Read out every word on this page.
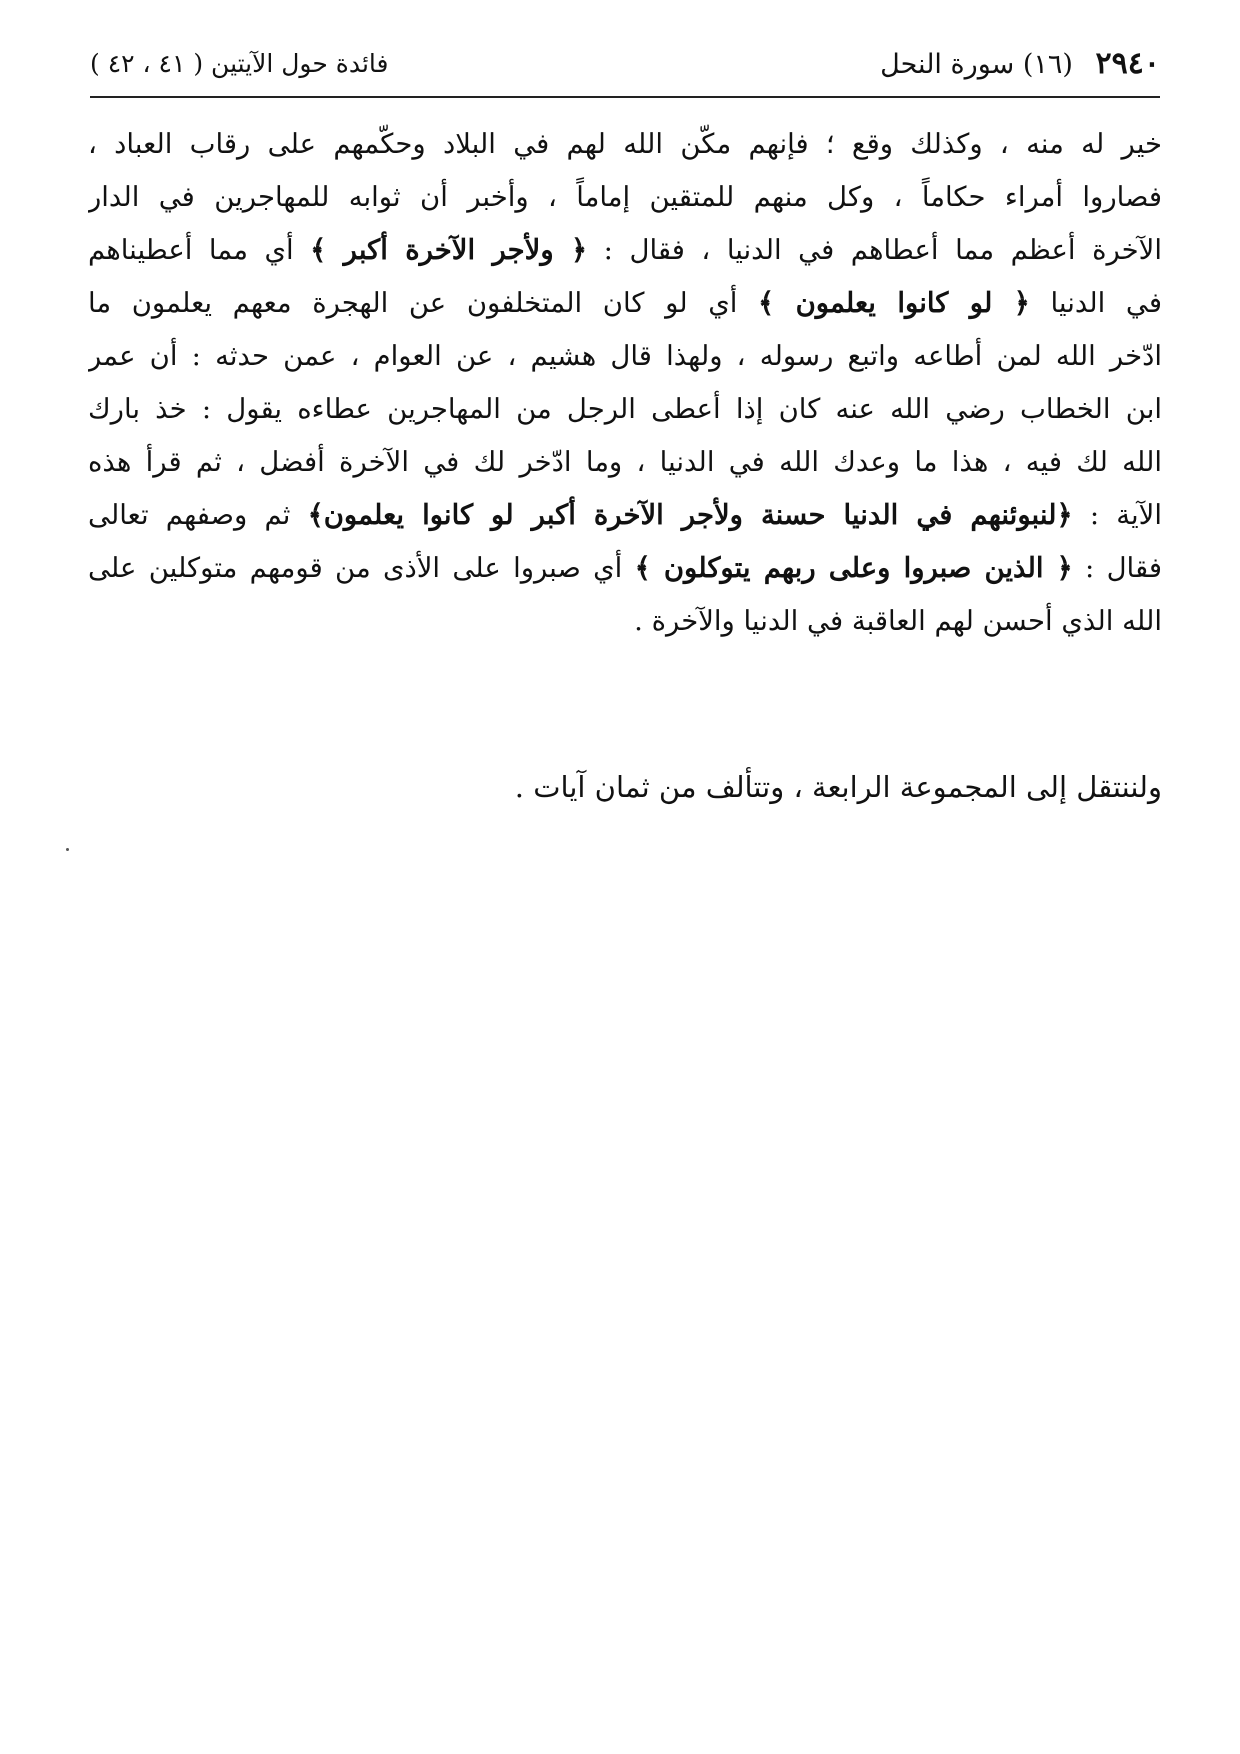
٢٩٤٠ (١٦) سورة النحل
فائدة حول الآيتين ( ٤١ ، ٤٢ )
خير له منه ، وكذلك وقع ؛ فإنهم مكّن الله لهم في البلاد وحكّمهم على رقاب العباد ،
فصاروا أمراء حكاماً ، وكل منهم للمتقين إماماً ، وأخبر أن ثوابه للمهاجرين في الدار
الآخرة أعظم مما أعطاهم في الدنيا ، فقال : ﴿ ولأجر الآخرة أكبر ﴾ أي مما أعطيناهم
في الدنيا ﴿ لو كانوا يعلمون ﴾ أي لو كان المتخلفون عن الهجرة معهم يعلمون ما
ادّخر الله لمن أطاعه واتبع رسوله ، ولهذا قال هشيم ، عن العوام ، عمن حدثه : أن عمر
ابن الخطاب رضي الله عنه كان إذا أعطى الرجل من المهاجرين عطاءه يقول : خذ بارك
الله لك فيه ، هذا ما وعدك الله في الدنيا ، وما ادّخر لك في الآخرة أفضل ، ثم قرأ هذه
الآية : ﴿لنبوئنهم في الدنيا حسنة ولأجر الآخرة أكبر لو كانوا يعلمون﴾ ثم وصفهم تعالى
فقال : ﴿ الذين صبروا وعلى ربهم يتوكلون ﴾ أي صبروا على الأذى من قومهم متوكلين على
الله الذي أحسن لهم العاقبة في الدنيا والآخرة .
ولننتقل إلى المجموعة الرابعة ، وتتألف من ثمان آيات .
